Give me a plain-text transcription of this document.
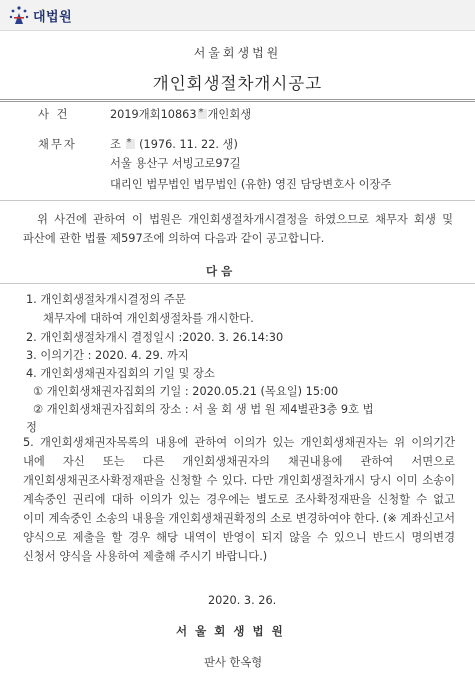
대법원
서울회생법원
개인회생절차개시공고
사 건	2019개회10863 * 개인회생
채무자	조 * (1976. 11. 22. 생)
서울 용산구 서빙고로97길
대리인 법무법인 법무법인 (유한) 영진 담당변호사 이장주
위 사건에 관하여 이 법원은 개인회생절차개시결정을 하였으므로 채무자 회생 및 파산에 관한 법률 제597조에 의하여 다음과 같이 공고합니다.
다 음
1. 개인회생절차개시결정의 주문
채무자에 대하여 개인회생절차를 개시한다.
2. 개인회생절차개시 결정일시 :2020. 3. 26.14:30
3. 이의기간 : 2020. 4. 29. 까지
4. 개인회생채권자집회의 기일 및 장소
① 개인회생채권자집회의 기일 : 2020.05.21 (목요일) 15:00
② 개인회생채권자집회의 장소 : 서 울 회 생 법 원 제4별관3층 9호 법
정
5. 개인회생채권자목록의 내용에 관하여 이의가 있는 개인회생채권자는 위 이의기간 내에 자신 또는 다른 개인회생채권자의 채권내용에 관하여 서면으로 개인회생채권조사확정재판을 신청할 수 있다. 다만 개인회생절차개시 당시 이미 소송이 계속중인 권리에 대하 이의가 있는 경우에는 별도로 조사확정재판을 신청할 수 없고 이미 계속중인 소송의 내용을 개인회생채권확정의 소로 변경하여야 한다. (※ 계좌신고서 양식으로 제출을 할 경우 해당 내역이 반영이 되지 않을 수 있으니 반드시 명의변경 신청서 양식을 사용하여 제출해 주시기 바랍니다.)
2020. 3. 26.
서 울 회 생 법 원
판사 한옥형
